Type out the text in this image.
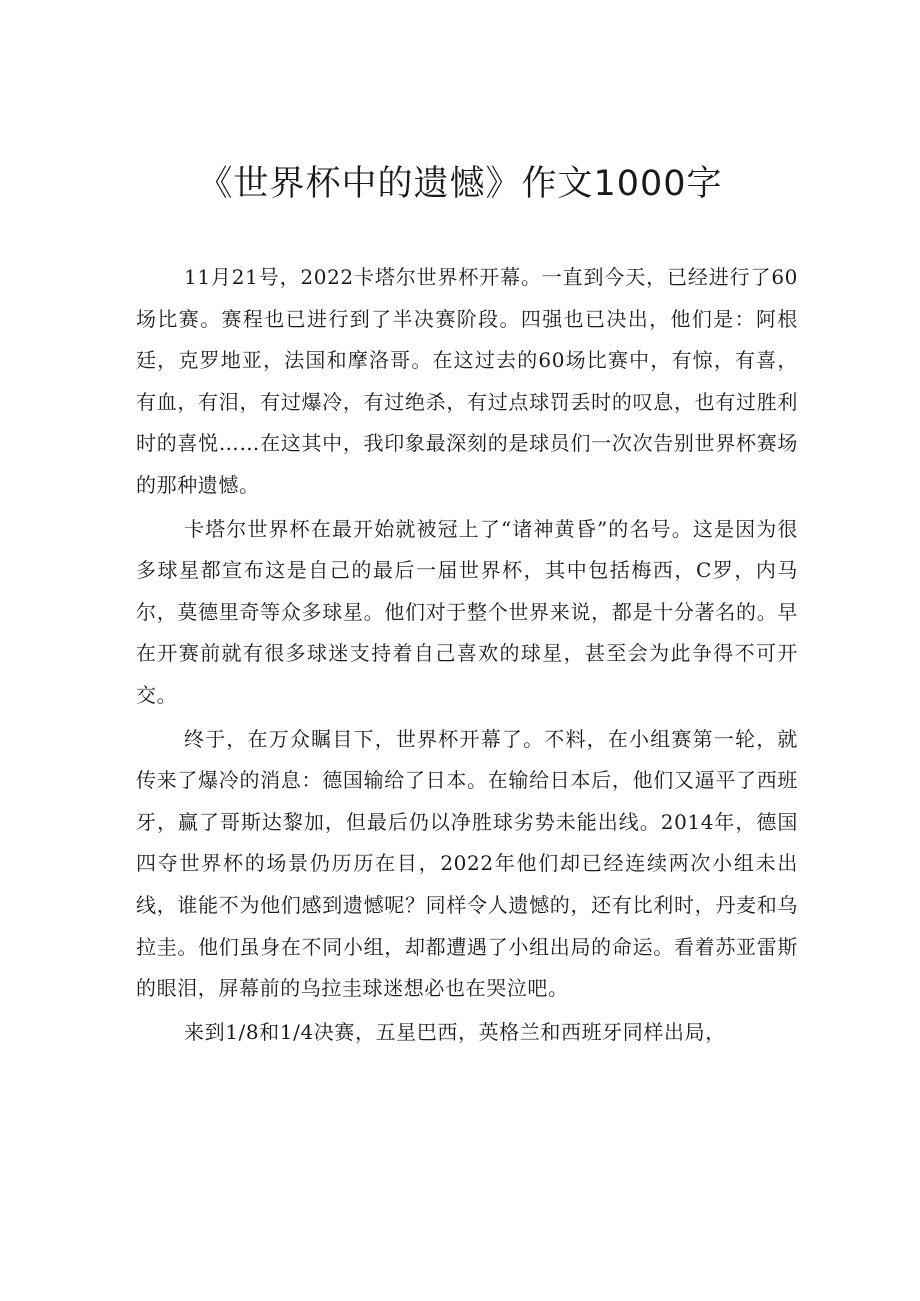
《世界杯中的遗憾》作文1000字

11月21号，2022卡塔尔世界杯开幕。一直到今天，已经进行了60场比赛。赛程也已进行到了半决赛阶段。四强也已决出，他们是：阿根廷，克罗地亚，法国和摩洛哥。在这过去的60场比赛中，有惊，有喜，有血，有泪，有过爆冷，有过绝杀，有过点球罚丢时的叹息，也有过胜利时的喜悦……在这其中，我印象最深刻的是球员们一次次告别世界杯赛场的那种遗憾。

卡塔尔世界杯在最开始就被冠上了“诸神黄昏”的名号。这是因为很多球星都宣布这是自己的最后一届世界杯，其中包括梅西，C罗，内马尔，莫德里奇等众多球星。他们对于整个世界来说，都是十分著名的。早在开赛前就有很多球迷支持着自己喜欢的球星，甚至会为此争得不可开交。

终于，在万众瞩目下，世界杯开幕了。不料，在小组赛第一轮，就传来了爆冷的消息：德国输给了日本。在输给日本后，他们又逼平了西班牙，赢了哥斯达黎加，但最后仍以净胜球劣势未能出线。2014年，德国四夺世界杯的场景仍历历在目，2022年他们却已经连续两次小组未出线，谁能不为他们感到遗憾呢？同样令人遗憾的，还有比利时，丹麦和乌拉圭。他们虽身在不同小组，却都遭遇了小组出局的命运。看着苏亚雷斯的眼泪，屏幕前的乌拉圭球迷想必也在哭泣吧。

来到1/8和1/4决赛，五星巴西，英格兰和西班牙同样出局，
